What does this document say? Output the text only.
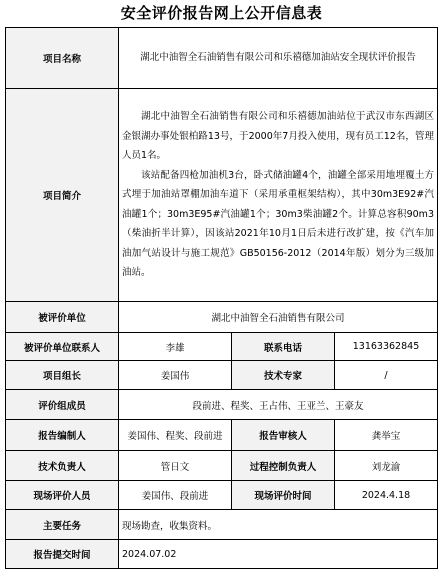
安全评价报告网上公开信息表
项目名称	湖北中油智全石油销售有限公司和乐禧德加油站安全现状评价报告		
项目简介	湖北中油智全石油销售有限公司和乐禧德加油站位于武汉市东西湖区金银湖办事处银柏路13号，于2000年7月投入使用，现有员工12名，管理人员1名。

该站配备四枪加油机3台，卧式储油罐4个，油罐全部采用地埋覆土方式埋于加油站罩棚加油车道下（采用承重框架结构），其中30m3E92#汽油罐1个；30m3E95#汽油罐1个；30m3柴油罐2个。计算总容积90m3（柴油折半计算），因该站2021年10月1日后未进行改扩建，按《汽车加油加气站设计与施工规范》GB50156-2012（2014年版）划分为三级加油站。		

被评价单位	湖北中油智全石油销售有限公司		
被评价单位联系人	李雄	联系电话	13163362845
项目组长	姜国伟	技术专家	/
评价组成员	段前进、程奖、王占伟、王亚兰、王豪友		
报告编制人	姜国伟、程奖、段前进	报告审核人	龚举宝
技术负责人	管日文	过程控制负责人	刘龙渝
现场评价人员	姜国伟、段前进	现场评价时间	2024.4.18
主要任务	现场勘查，收集资料。		
报告提交时间	2024.07.02		
